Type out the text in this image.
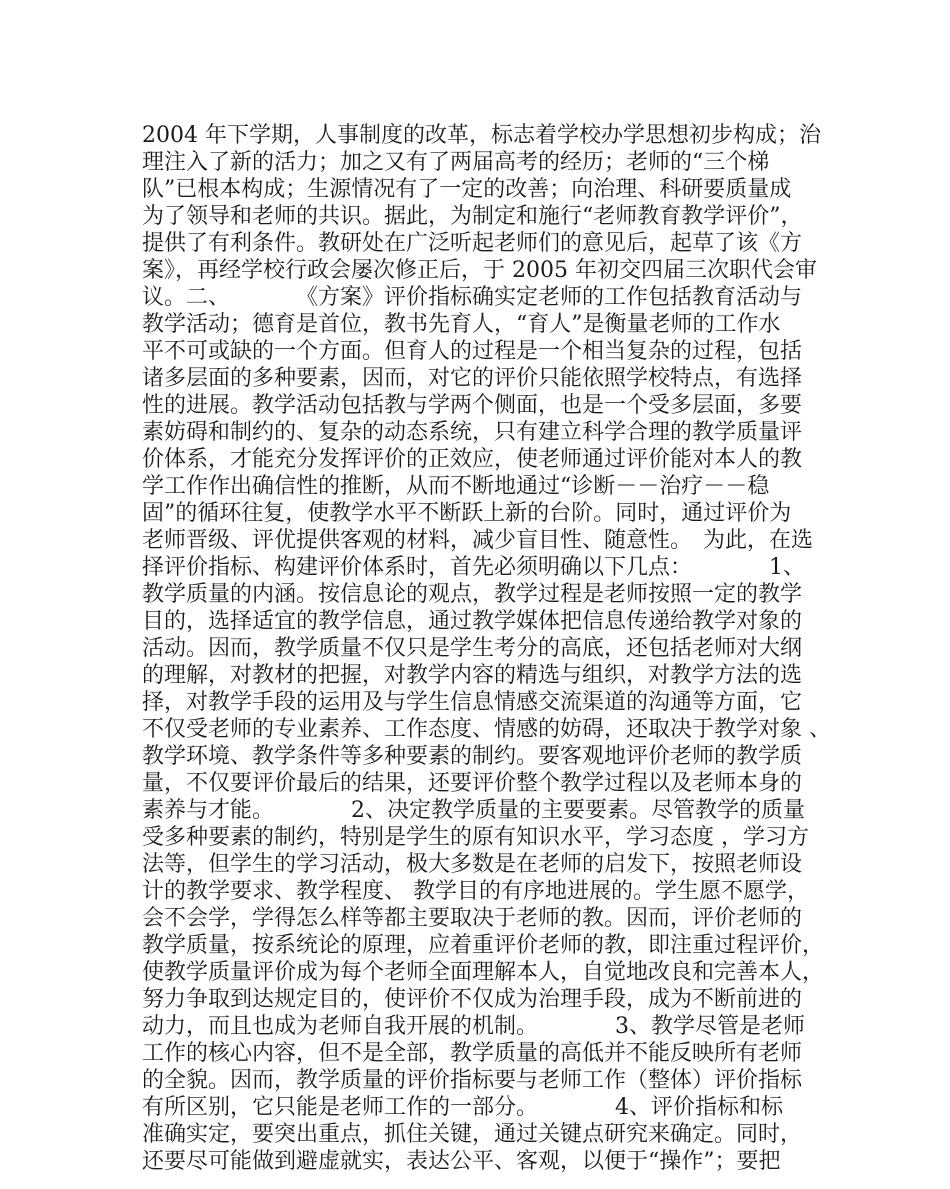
2004 年下学期，人事制度的改革，标志着学校办学思想初步构成；治
理注入了新的活力；加之又有了两届高考的经历；老师的“三个梯
队”已根本构成；生源情况有了一定的改善；向治理、科研要质量成
为了领导和老师的共识。据此，为制定和施行“老师教育教学评价”，
提供了有利条件。教研处在广泛听起老师们的意见后，起草了该《方
案》，再经学校行政会屡次修正后，于 2005 年初交四届三次职代会审
议。二、　　　　《方案》评价指标确实定老师的工作包括教育活动与
教学活动；德育是首位，教书先育人，“育人”是衡量老师的工作水
平不可或缺的一个方面。但育人的过程是一个相当复杂的过程，包括
诸多层面的多种要素，因而，对它的评价只能依照学校特点，有选择
性的进展。教学活动包括教与学两个侧面，也是一个受多层面，多要
素妨碍和制约的、复杂的动态系统，只有建立科学合理的教学质量评
价体系，才能充分发挥评价的正效应，使老师通过评价能对本人的教
学工作作出确信性的推断，从而不断地通过“诊断－－治疗－－稳
固”的循环往复，使教学水平不断跃上新的台阶。同时，通过评价为
老师晋级、评优提供客观的材料，减少盲目性、随意性。　为此，在选
择评价指标、构建评价体系时，首先必须明确以下几点：　　　　1、
教学质量的内涵。按信息论的观点，教学过程是老师按照一定的教学
目的，选择适宜的教学信息，通过教学媒体把信息传递给教学对象的
活动。因而，教学质量不仅只是学生考分的高底，还包括老师对大纲
的理解，对教材的把握，对教学内容的精选与组织，对教学方法的选
择，对教学手段的运用及与学生信息情感交流渠道的沟通等方面，它
不仅受老师的专业素养、工作态度、情感的妨碍，还取决于教学对象 、
教学环境、教学条件等多种要素的制约。要客观地评价老师的教学质
量，不仅要评价最后的结果，还要评价整个教学过程以及老师本身的
素养与才能。　　　　2、决定教学质量的主要要素。尽管教学的质量
受多种要素的制约，特别是学生的原有知识水平，学习态度 ，学习方
法等，但学生的学习活动，极大多数是在老师的启发下，按照老师设
计的教学要求、教学程度、 教学目的有序地进展的。学生愿不愿学，
会不会学，学得怎么样等都主要取决于老师的教。因而，评价老师的
教学质量，按系统论的原理，应着重评价老师的教，即注重过程评价，
使教学质量评价成为每个老师全面理解本人，自觉地改良和完善本人，
努力争取到达规定目的，使评价不仅成为治理手段，成为不断前进的
动力，而且也成为老师自我开展的机制。　　　　3、教学尽管是老师
工作的核心内容，但不是全部，教学质量的高低并不能反映所有老师
的全貌。因而，教学质量的评价指标要与老师工作（整体）评价指标
有所区别，它只能是老师工作的一部分。　　　　4、评价指标和标
准确实定，要突出重点，抓住关键，通过关键点研究来确定。同时，
还要尽可能做到避虚就实，表达公平、客观，以便于“操作”；要把
